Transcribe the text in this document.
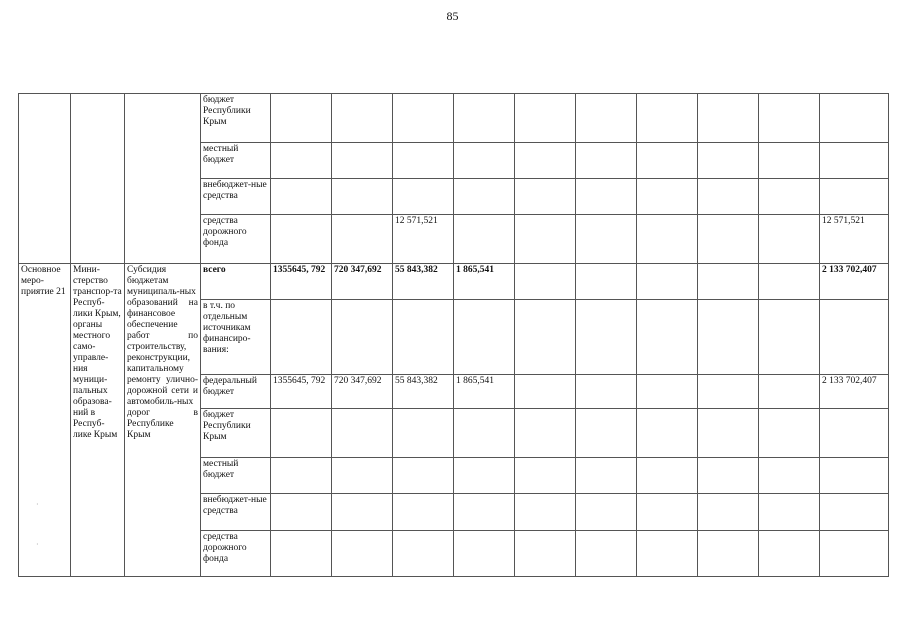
85
			бюджет Республики Крым										
			местный бюджет										
			внебюджет-ные средства										
			средства дорожного фонда			12 571,521							12 571,521
Основное меро-приятие 21	Мини-стерство транспор-та Респуб-лики Крым, органы местного само-управле-ния муници-пальных образова-ний в Респуб-лике Крым	Субсидия бюджетам муниципаль-ных образований на финансовое обеспечение работ по строительству, реконструкции, капитальному ремонту улично-дорожной сети и автомобиль-ных дорог в Республике Крым	всего	1355645, 792	720 347,692	55 843,382	1 865,541						2 133 702,407
			в т.ч. по отдельным источникам финансиро-вания:										
			федеральный бюджет	1355645, 792	720 347,692	55 843,382	1 865,541						2 133 702,407
			бюджет Республики Крым										
			местный бюджет										
			внебюджет-ные средства										
			средства дорожного фонда										
·
·
